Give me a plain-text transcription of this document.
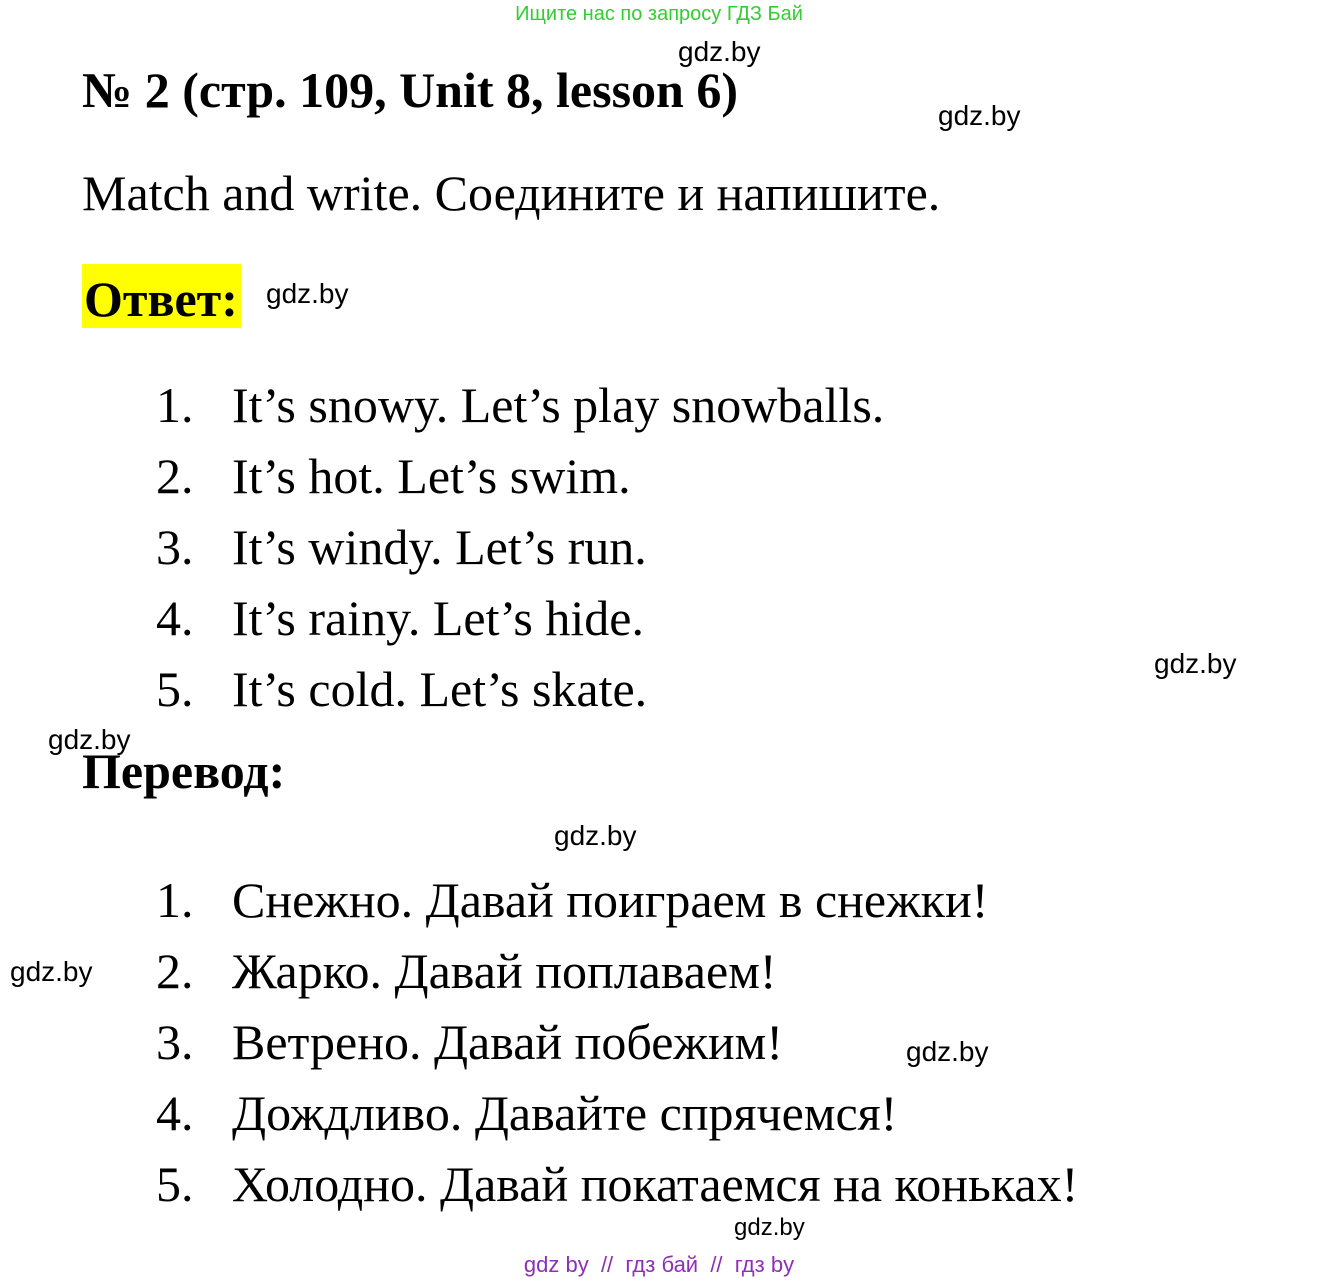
Ищите нас по запросу ГДЗ Бай
gdz.by
gdz.by
gdz.by
gdz.by
gdz.by
gdz.by
gdz.by
gdz.by
gdz.by
№ 2 (стр. 109, Unit 8, lesson 6)
Match and write. Соедините и напишите.
Ответ:
1. It’s snowy. Let’s play snowballs.
2. It’s hot. Let’s swim.
3. It’s windy. Let’s run.
4. It’s rainy. Let’s hide.
5. It’s cold. Let’s skate.
Перевод:
1. Снежно. Давай поиграем в снежки!
2. Жарко. Давай поплаваем!
3. Ветрено. Давай побежим!
4. Дождливо. Давайте спрячемся!
5. Холодно. Давай покатаемся на коньках!
gdz by  //  гдз бай  //  гдз by
